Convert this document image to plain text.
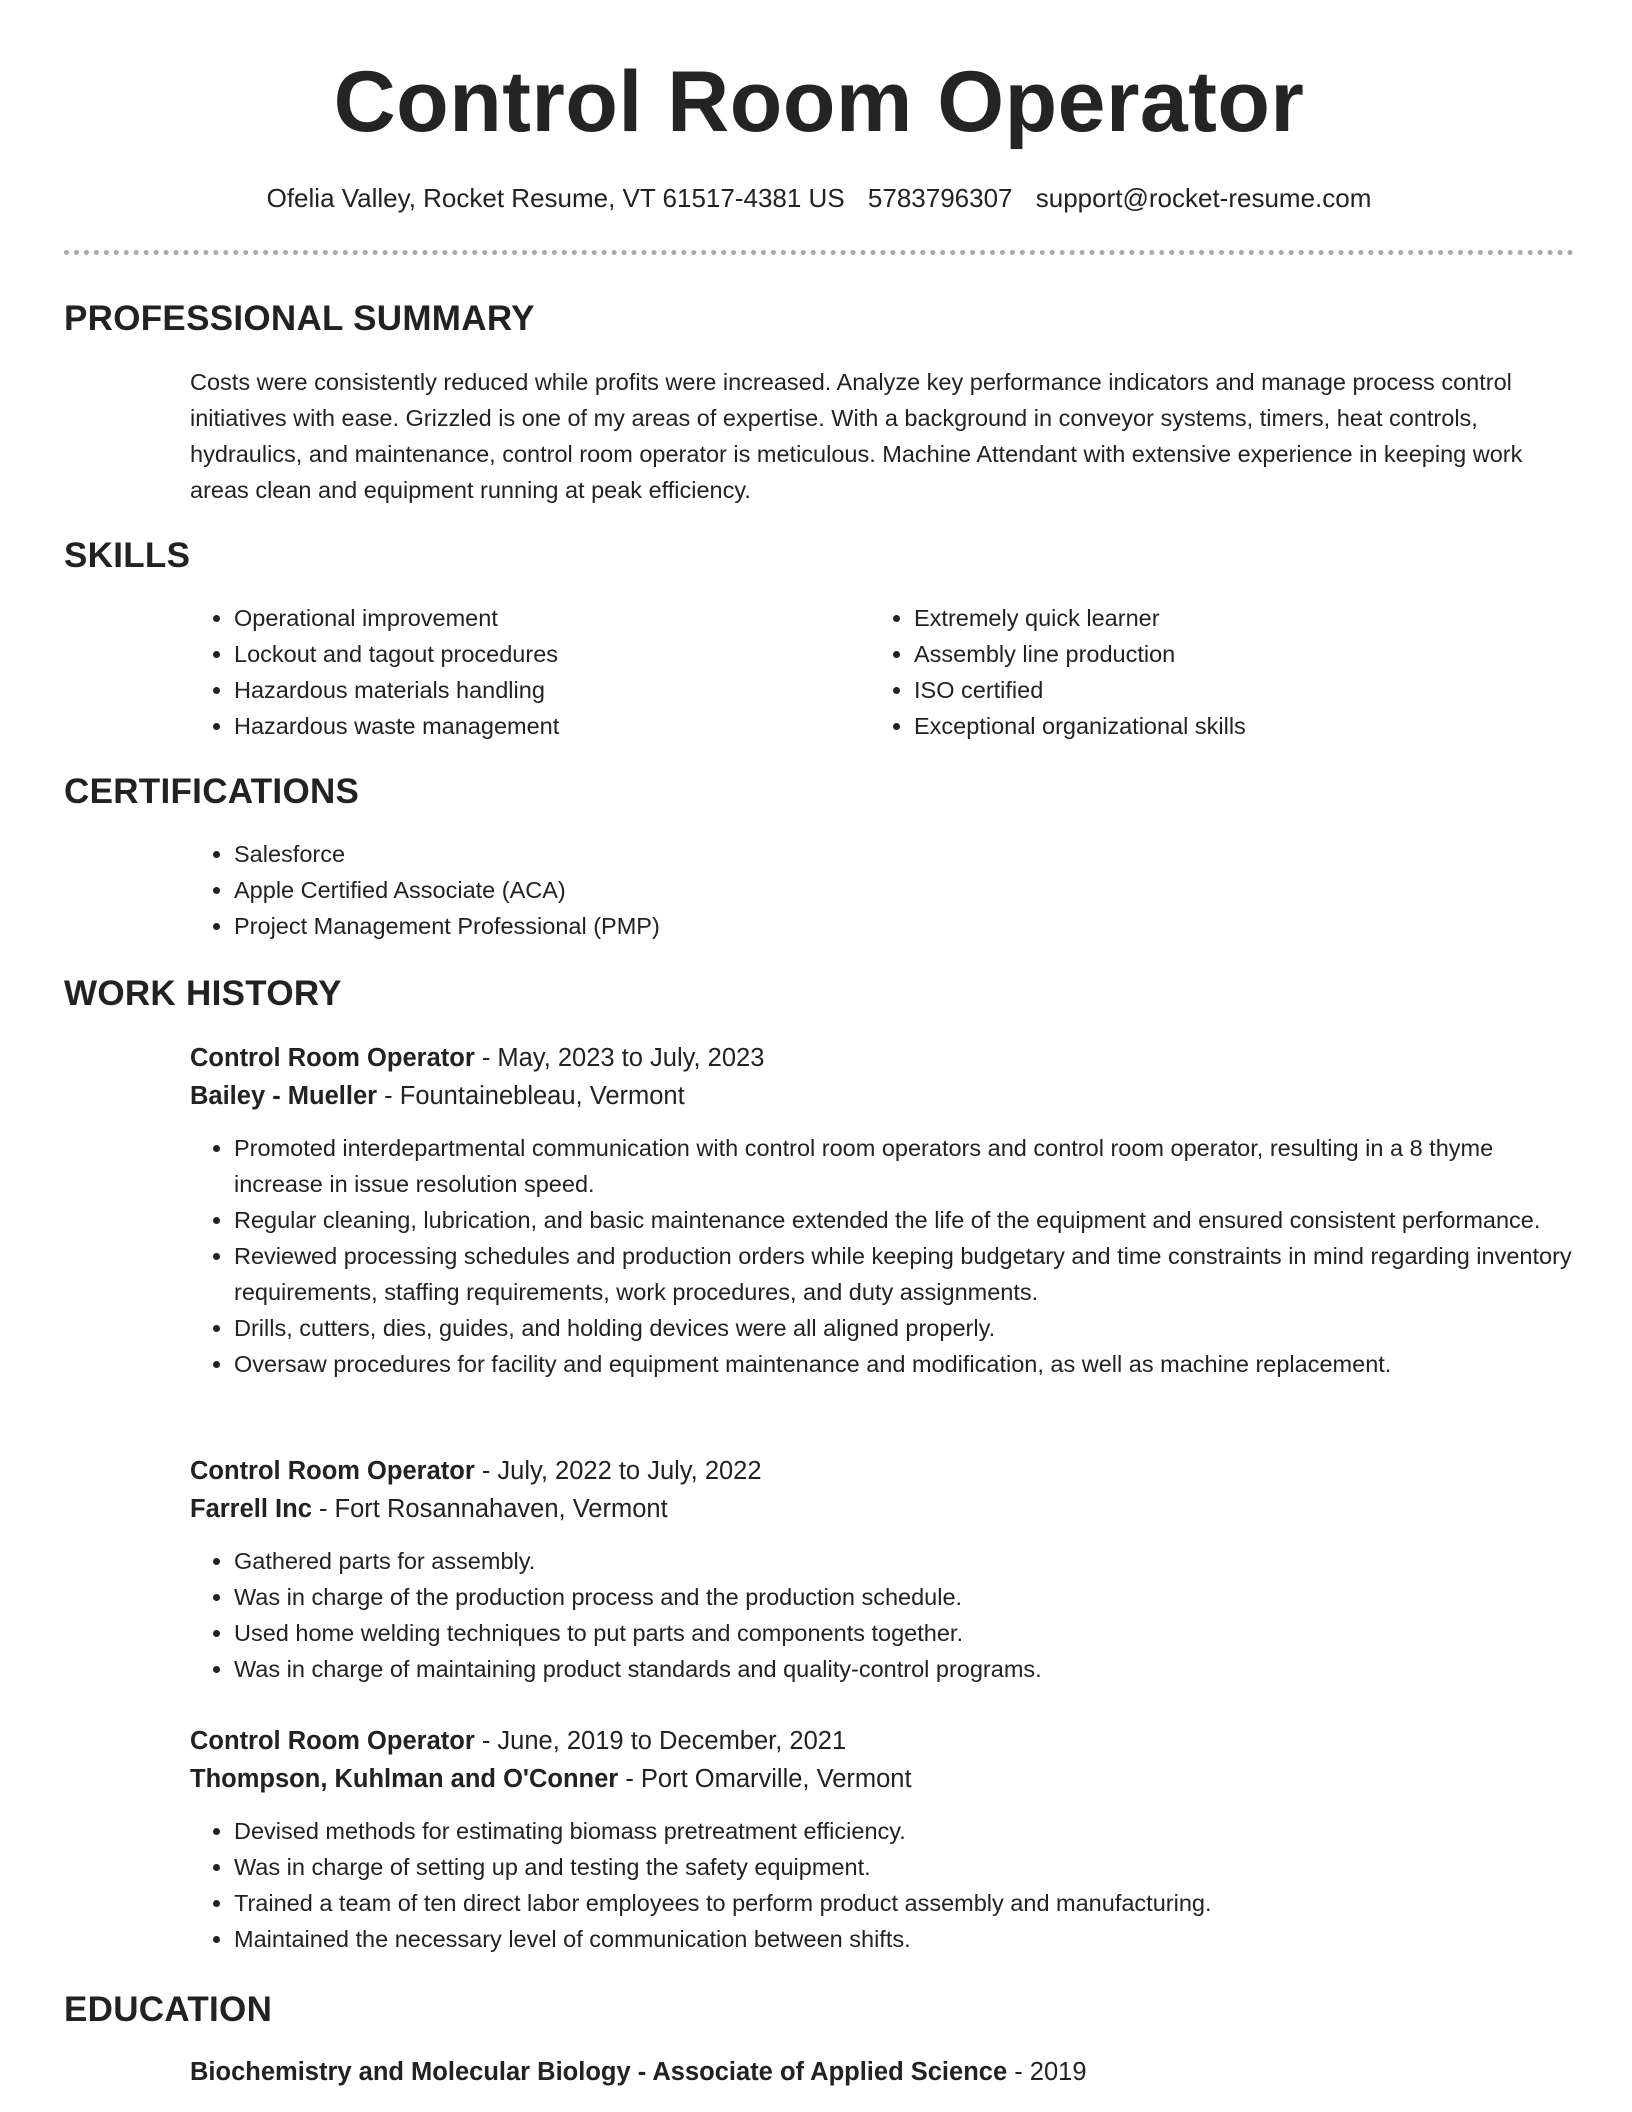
Control Room Operator
Ofelia Valley, Rocket Resume, VT 61517-4381 US 5783796307 support@rocket-resume.com
PROFESSIONAL SUMMARY
Costs were consistently reduced while profits were increased. Analyze key performance indicators and manage process control initiatives with ease. Grizzled is one of my areas of expertise. With a background in conveyor systems, timers, heat controls, hydraulics, and maintenance, control room operator is meticulous. Machine Attendant with extensive experience in keeping work areas clean and equipment running at peak efficiency.
SKILLS
• Operational improvement
• Lockout and tagout procedures
• Hazardous materials handling
• Hazardous waste management
• Extremely quick learner
• Assembly line production
• ISO certified
• Exceptional organizational skills
CERTIFICATIONS
• Salesforce
• Apple Certified Associate (ACA)
• Project Management Professional (PMP)
WORK HISTORY
Control Room Operator - May, 2023 to July, 2023
Bailey - Mueller - Fountainebleau, Vermont
• Promoted interdepartmental communication with control room operators and control room operator, resulting in a 8 thyme increase in issue resolution speed.
• Regular cleaning, lubrication, and basic maintenance extended the life of the equipment and ensured consistent performance.
• Reviewed processing schedules and production orders while keeping budgetary and time constraints in mind regarding inventory requirements, staffing requirements, work procedures, and duty assignments.
• Drills, cutters, dies, guides, and holding devices were all aligned properly.
• Oversaw procedures for facility and equipment maintenance and modification, as well as machine replacement.
Control Room Operator - July, 2022 to July, 2022
Farrell Inc - Fort Rosannahaven, Vermont
• Gathered parts for assembly.
• Was in charge of the production process and the production schedule.
• Used home welding techniques to put parts and components together.
• Was in charge of maintaining product standards and quality-control programs.
Control Room Operator - June, 2019 to December, 2021
Thompson, Kuhlman and O'Conner - Port Omarville, Vermont
• Devised methods for estimating biomass pretreatment efficiency.
• Was in charge of setting up and testing the safety equipment.
• Trained a team of ten direct labor employees to perform product assembly and manufacturing.
• Maintained the necessary level of communication between shifts.
EDUCATION
Biochemistry and Molecular Biology - Associate of Applied Science - 2019
